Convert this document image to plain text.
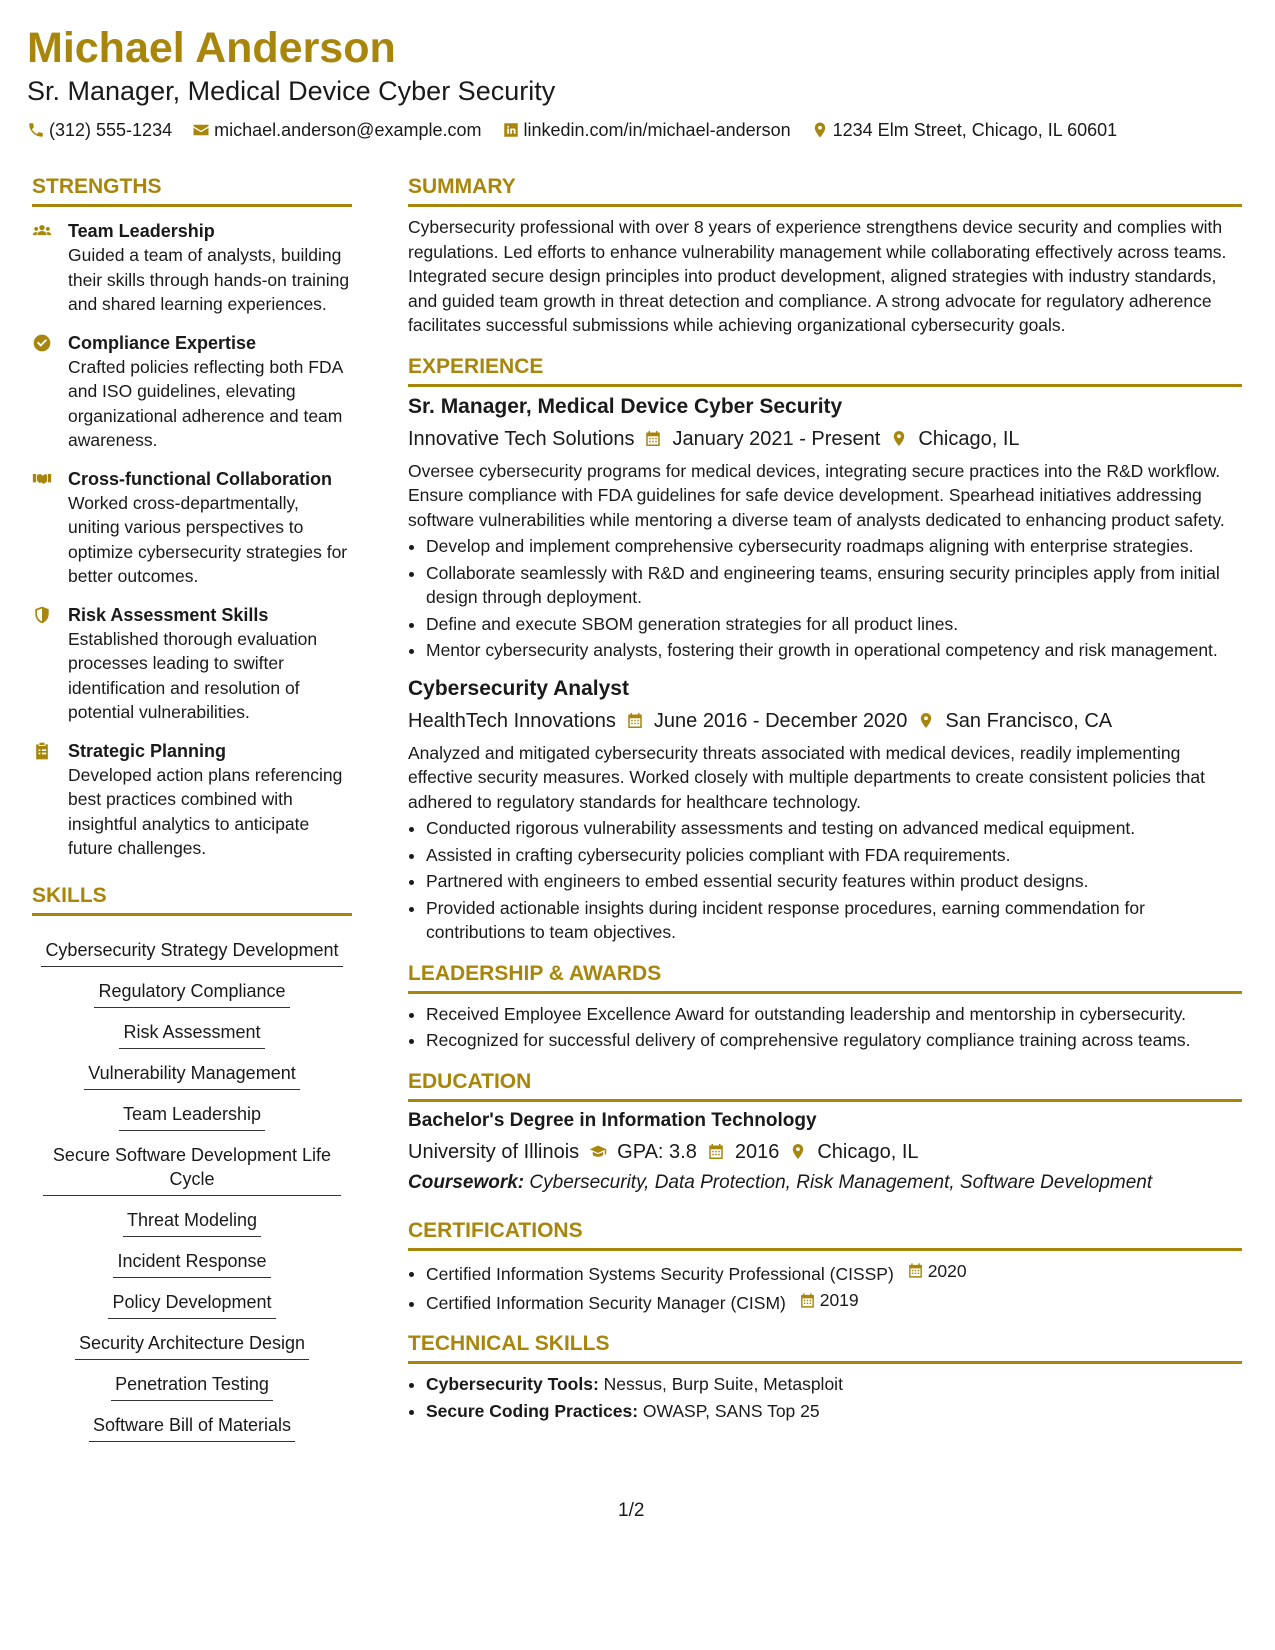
Michael Anderson
Sr. Manager, Medical Device Cyber Security
(312) 555-1234 michael.anderson@example.com linkedin.com/in/michael-anderson 1234 Elm Street, Chicago, IL 60601
STRENGTHS
Team Leadership
Guided a team of analysts, building their skills through hands-on training and shared learning experiences.
Compliance Expertise
Crafted policies reflecting both FDA and ISO guidelines, elevating organizational adherence and team awareness.
Cross-functional Collaboration
Worked cross-departmentally, uniting various perspectives to optimize cybersecurity strategies for better outcomes.
Risk Assessment Skills
Established thorough evaluation processes leading to swifter identification and resolution of potential vulnerabilities.
Strategic Planning
Developed action plans referencing best practices combined with insightful analytics to anticipate future challenges.
SKILLS
Cybersecurity Strategy Development
Regulatory Compliance
Risk Assessment
Vulnerability Management
Team Leadership
Secure Software Development Life Cycle
Threat Modeling
Incident Response
Policy Development
Security Architecture Design
Penetration Testing
Software Bill of Materials
SUMMARY

Cybersecurity professional with over 8 years of experience strengthens device security and complies with regulations. Led efforts to enhance vulnerability management while collaborating effectively across teams. Integrated secure design principles into product development, aligned strategies with industry standards, and guided team growth in threat detection and compliance. A strong advocate for regulatory adherence facilitates successful submissions while achieving organizational cybersecurity goals.

EXPERIENCE
Sr. Manager, Medical Device Cyber Security
Innovative Tech Solutions January 2021 - Present Chicago, IL

Oversee cybersecurity programs for medical devices, integrating secure practices into the R&D workflow. Ensure compliance with FDA guidelines for safe device development. Spearhead initiatives addressing software vulnerabilities while mentoring a diverse team of analysts dedicated to enhancing product safety.

• Develop and implement comprehensive cybersecurity roadmaps aligning with enterprise strategies.
• Collaborate seamlessly with R&D and engineering teams, ensuring security principles apply from initial design through deployment.
• Define and execute SBOM generation strategies for all product lines.
• Mentor cybersecurity analysts, fostering their growth in operational competency and risk management.
Cybersecurity Analyst
HealthTech Innovations June 2016 - December 2020 San Francisco, CA

Analyzed and mitigated cybersecurity threats associated with medical devices, readily implementing effective security measures. Worked closely with multiple departments to create consistent policies that adhered to regulatory standards for healthcare technology.

• Conducted rigorous vulnerability assessments and testing on advanced medical equipment.
• Assisted in crafting cybersecurity policies compliant with FDA requirements.
• Partnered with engineers to embed essential security features within product designs.
• Provided actionable insights during incident response procedures, earning commendation for contributions to team objectives.
LEADERSHIP & AWARDS
• Received Employee Excellence Award for outstanding leadership and mentorship in cybersecurity.
• Recognized for successful delivery of comprehensive regulatory compliance training across teams.
EDUCATION
Bachelor's Degree in Information Technology
University of Illinois GPA: 3.8 2016 Chicago, IL
Coursework: Cybersecurity, Data Protection, Risk Management, Software Development
CERTIFICATIONS
• Certified Information Systems Security Professional (CISSP) 2020
• Certified Information Security Manager (CISM) 2019
TECHNICAL SKILLS
• Cybersecurity Tools: Nessus, Burp Suite, Metasploit
• Secure Coding Practices: OWASP, SANS Top 25
1/2
